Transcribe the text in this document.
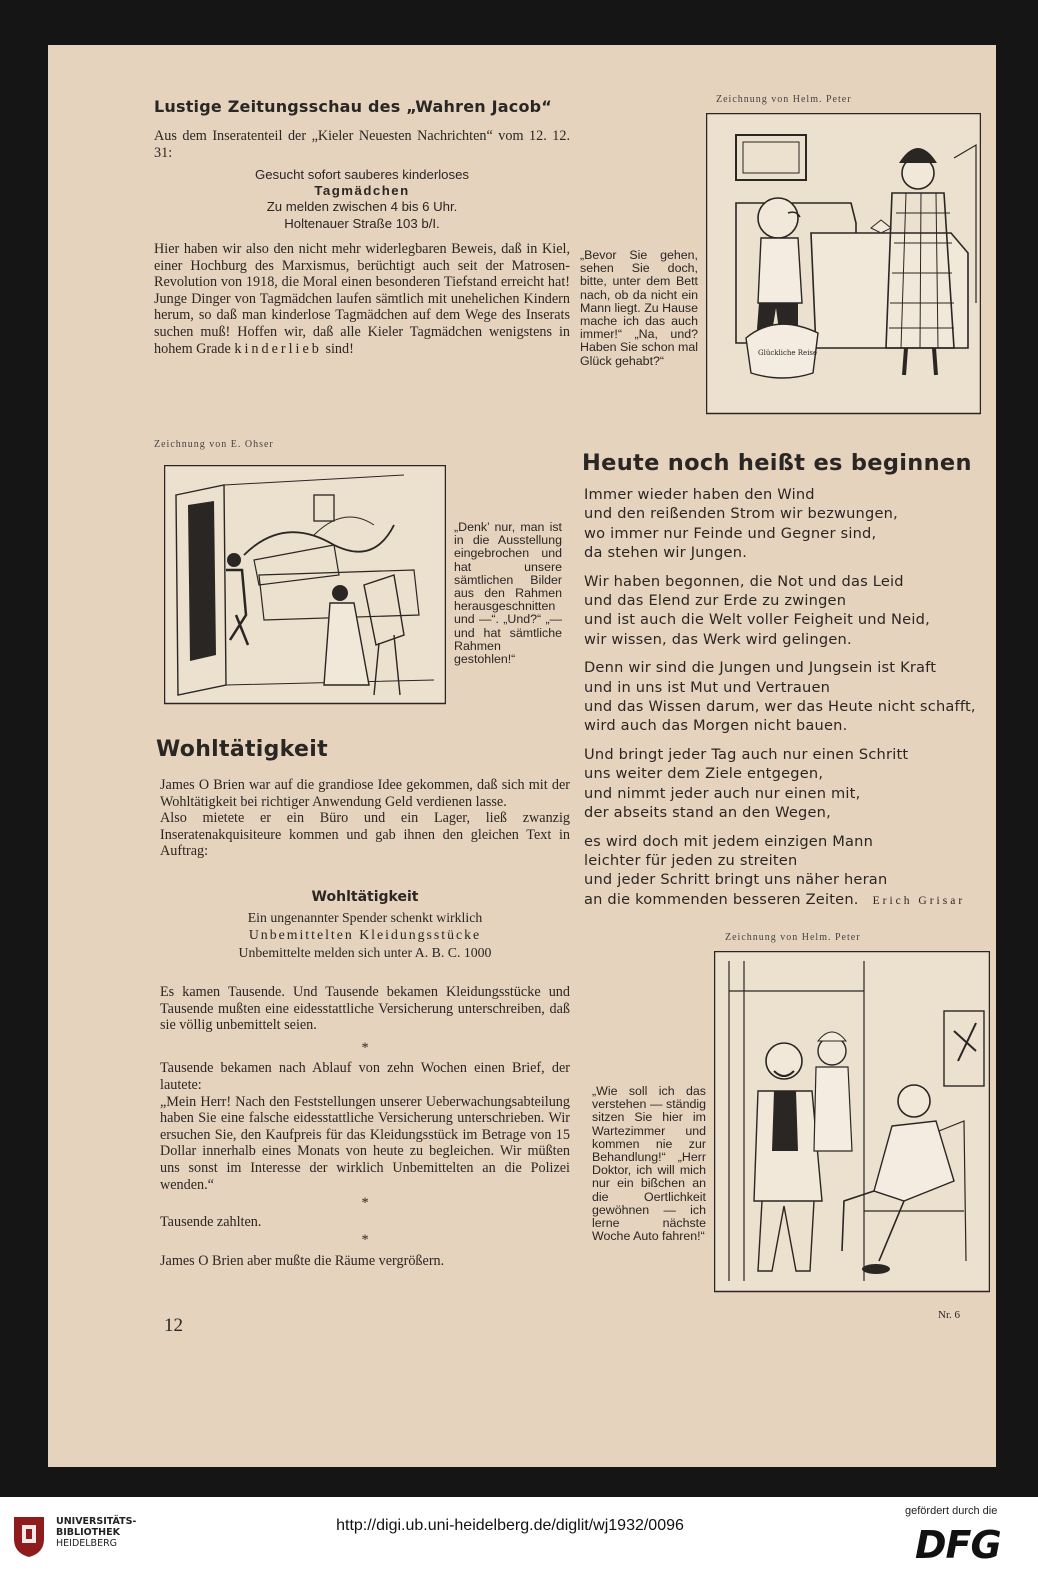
Lustige Zeitungsschau des „Wahren Jacob“
Aus dem Inseratenteil der „Kieler Neuesten Nachrichten“ vom 12. 12. 31:
Gesucht sofort sauberes kinderloses
Tagmädchen
Zu melden zwischen 4 bis 6 Uhr.
Holtenauer Straße 103 b/I.
Hier haben wir also den nicht mehr widerlegbaren Beweis, daß in Kiel, einer Hochburg des Marxismus, berüchtigt auch seit der Matrosen-Revolution von 1918, die Moral einen besonderen Tiefstand erreicht hat! Junge Dinger von Tagmädchen laufen sämtlich mit unehelichen Kindern herum, so daß man kinderlose Tagmädchen auf dem Wege des Inserats suchen muß! Hoffen wir, daß alle Kieler Tagmädchen wenigstens in hohem Grade kinderlieb sind!
Zeichnung von Helm. Peter
Glückliche Reise
„Bevor Sie gehen, sehen Sie doch, bitte, unter dem Bett nach, ob da nicht ein Mann liegt. Zu Hause mache ich das auch immer!“ „Na, und? Haben Sie schon mal Glück gehabt?“
Heute noch heißt es beginnen
Immer wieder haben den Wind
und den reißenden Strom wir bezwungen,
wo immer nur Feinde und Gegner sind,
da stehen wir Jungen.
Wir haben begonnen, die Not und das Leid
und das Elend zur Erde zu zwingen
und ist auch die Welt voller Feigheit und Neid,
wir wissen, das Werk wird gelingen.
Denn wir sind die Jungen und Jungsein ist Kraft
und in uns ist Mut und Vertrauen
und das Wissen darum, wer das Heute nicht schafft,
wird auch das Morgen nicht bauen.
Und bringt jeder Tag auch nur einen Schritt
uns weiter dem Ziele entgegen,
und nimmt jeder auch nur einen mit,
der abseits stand an den Wegen,
es wird doch mit jedem einzigen Mann
leichter für jeden zu streiten
und jeder Schritt bringt uns näher heran
an die kommenden besseren Zeiten. Erich Grisar
Zeichnung von E. Ohser
„Denk’ nur, man ist in die Ausstellung eingebrochen und hat unsere sämtlichen Bilder aus den Rahmen herausgeschnitten und —“. „Und?“ „— und hat sämtliche Rahmen gestohlen!“
Wohltätigkeit
James O Brien war auf die grandiose Idee gekommen, daß sich mit der Wohltätigkeit bei richtiger Anwendung Geld verdienen lasse.
Also mietete er ein Büro und ein Lager, ließ zwanzig Inseratenakquisiteure kommen und gab ihnen den gleichen Text in Auftrag:
Wohltätigkeit
Ein ungenannter Spender schenkt wirklich
Unbemittelten Kleidungsstücke
Unbemittelte melden sich unter A. B. C. 1000
Es kamen Tausende. Und Tausende bekamen Kleidungsstücke und Tausende mußten eine eidesstattliche Versicherung unterschreiben, daß sie völlig unbemittelt seien.
*
Tausende bekamen nach Ablauf von zehn Wochen einen Brief, der lautete:
„Mein Herr! Nach den Feststellungen unserer Ueberwachungsabteilung haben Sie eine falsche eidesstattliche Versicherung unterschrieben. Wir ersuchen Sie, den Kaufpreis für das Kleidungsstück im Betrage von 15 Dollar innerhalb eines Monats von heute zu begleichen. Wir müßten uns sonst im Interesse der wirklich Unbemittelten an die Polizei wenden.“
*
Tausende zahlten.
*
James O Brien aber mußte die Räume vergrößern.
Zeichnung von Helm. Peter
„Wie soll ich das verstehen — ständig sitzen Sie hier im Wartezimmer und kommen nie zur Behandlung!“ „Herr Doktor, ich will mich nur ein bißchen an die Oertlichkeit gewöhnen — ich lerne nächste Woche Auto fahren!“
12	Nr. 6
UNIVERSITÄTS-
BIBLIOTHEK
HEIDELBERG
http://digi.ub.uni-heidelberg.de/diglit/wj1932/0096
gefördert durch die
DFG
